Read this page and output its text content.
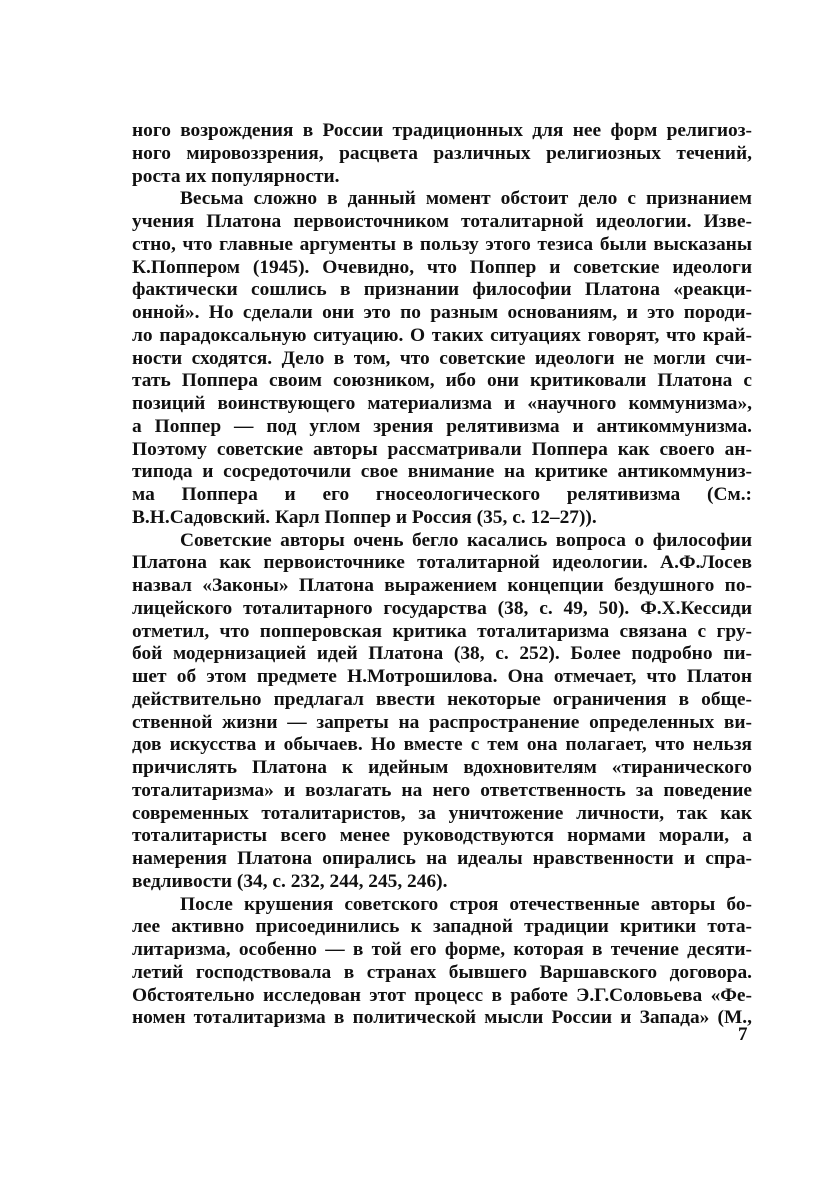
ного возрождения в России традиционных для нее форм религиоз-
ного мировоззрения, расцвета различных религиозных течений,
роста их популярности.
Весьма сложно в данный момент обстоит дело с признанием
учения Платона первоисточником тоталитарной идеологии. Изве-
стно, что главные аргументы в пользу этого тезиса были высказаны
К.Поппером (1945). Очевидно, что Поппер и советские идеологи
фактически сошлись в признании философии Платона «реакци-
онной». Но сделали они это по разным основаниям, и это породи-
ло парадоксальную ситуацию. О таких ситуациях говорят, что край-
ности сходятся. Дело в том, что советские идеологи не могли счи-
тать Поппера своим союзником, ибо они критиковали Платона с
позиций воинствующего материализма и «научного коммунизма»,
а Поппер — под углом зрения релятивизма и антикоммунизма.
Поэтому советские авторы рассматривали Поппера как своего ан-
типода и сосредоточили свое внимание на критике антикоммуниз-
ма Поппера и его гносеологического релятивизма (См.:
В.Н.Садовский. Карл Поппер и Россия (35, с. 12–27)).
Советские авторы очень бегло касались вопроса о философии
Платона как первоисточнике тоталитарной идеологии. А.Ф.Лосев
назвал «Законы» Платона выражением концепции бездушного по-
лицейского тоталитарного государства (38, с. 49, 50). Ф.Х.Кессиди
отметил, что попперовская критика тоталитаризма связана с гру-
бой модернизацией идей Платона (38, с. 252). Более подробно пи-
шет об этом предмете Н.Мотрошилова. Она отмечает, что Платон
действительно предлагал ввести некоторые ограничения в обще-
ственной жизни — запреты на распространение определенных ви-
дов искусства и обычаев. Но вместе с тем она полагает, что нельзя
причислять Платона к идейным вдохновителям «тиранического
тоталитаризма» и возлагать на него ответственность за поведение
современных тоталитаристов, за уничтожение личности, так как
тоталитаристы всего менее руководствуются нормами морали, а
намерения Платона опирались на идеалы нравственности и спра-
ведливости (34, с. 232, 244, 245, 246).
После крушения советского строя отечественные авторы бо-
лее активно присоединились к западной традиции критики тота-
литаризма, особенно — в той его форме, которая в течение десяти-
летий господствовала в странах бывшего Варшавского договора.
Обстоятельно исследован этот процесс в работе Э.Г.Соловьева «Фе-
номен тоталитаризма в политической мысли России и Запада» (М.,
7
